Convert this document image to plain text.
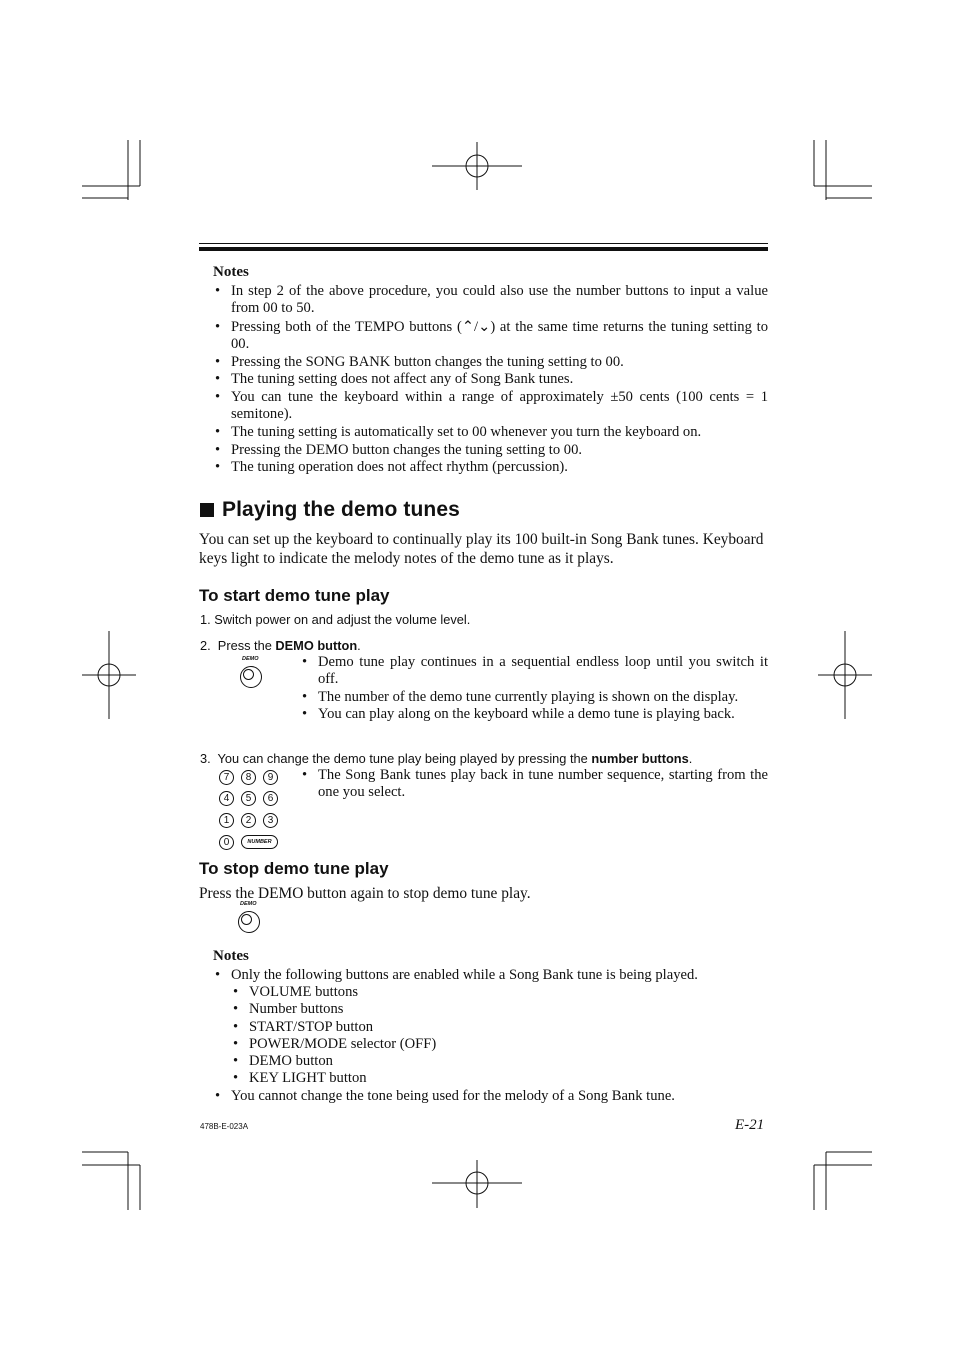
Notes
• In step 2 of the above procedure, you could also use the number buttons to input a value from 00 to 50.
• Pressing both of the TEMPO buttons (⌃/⌄) at the same time returns the tuning setting to 00.
• Pressing the SONG BANK button changes the tuning setting to 00.
• The tuning setting does not affect any of Song Bank tunes.
• You can tune the keyboard within a range of approximately ±50 cents (100 cents = 1 semitone).
• The tuning setting is automatically set to 00 whenever you turn the keyboard on.
• Pressing the DEMO button changes the tuning setting to 00.
• The tuning operation does not affect rhythm (percussion).
Playing the demo tunes
You can set up the keyboard to continually play its 100 built-in Song Bank tunes. Keyboard keys light to indicate the melody notes of the demo tune as it plays.
To start demo tune play
1. Switch power on and adjust the volume level.
2.  Press the DEMO button.
DEMO
•	Demo tune play continues in a sequential endless loop until you switch it off.
• The number of the demo tune currently playing is shown on the display.
• You can play along on the keyboard while a demo tune is playing back.
3.  You can change the demo tune play being played by pressing the number buttons.
7	8	9
4	5	6
1	2	3
0	NUMBER
• The Song Bank tunes play back in tune number sequence, starting from the one you select.
To stop demo tune play
Press the DEMO button again to stop demo tune play.
DEMO
Notes
• Only the following buttons are enabled while a Song Bank tune is being played.
• VOLUME buttons
• Number buttons
• START/STOP button
• POWER/MODE selector (OFF)
• DEMO button
• KEY LIGHT button
• You cannot change the tone being used for the melody of a Song Bank tune.
478B-E-023A	E-21
